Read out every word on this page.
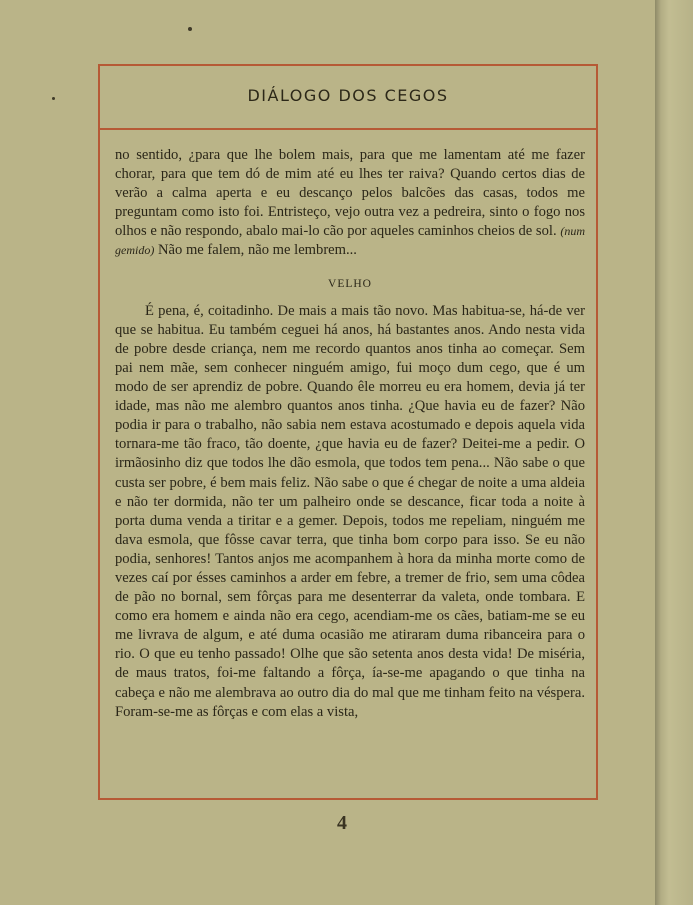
DIÁLOGO DOS CEGOS

no sentido, ¿para que lhe bolem mais, para que me lamentam até me fazer chorar, para que tem dó de mim até eu lhes ter raiva? Quando certos dias de verão a calma aperta e eu descanço pelos balcões das casas, todos me preguntam como isto foi. Entristeço, vejo outra vez a pedreira, sinto o fogo nos olhos e não respondo, abalo mai-lo cão por aqueles caminhos cheios de sol. (num gemido) Não me falem, não me lembrem...

VELHO

É pena, é, coitadinho. De mais a mais tão novo. Mas habitua-se, há-de ver que se habitua. Eu também ceguei há anos, há bastantes anos. Ando nesta vida de pobre desde criança, nem me recordo quantos anos tinha ao começar. Sem pai nem mãe, sem conhecer ninguém amigo, fui moço dum cego, que é um modo de ser aprendiz de pobre. Quando êle morreu eu era homem, devia já ter idade, mas não me alembro quantos anos tinha. ¿Que havia eu de fazer? Não podia ir para o trabalho, não sabia nem estava acostumado e depois aquela vida tornara-me tão fraco, tão doente, ¿que havia eu de fazer? Deitei-me a pedir. O irmãosinho diz que todos lhe dão esmola, que todos tem pena... Não sabe o que custa ser pobre, é bem mais feliz. Não sabe o que é chegar de noite a uma aldeia e não ter dormida, não ter um palheiro onde se descance, ficar toda a noite à porta duma venda a tiritar e a gemer. Depois, todos me repeliam, ninguém me dava esmola, que fôsse cavar terra, que tinha bom corpo para isso. Se eu não podia, senhores! Tantos anjos me acompanhem à hora da minha morte como de vezes caí por ésses caminhos a arder em febre, a tremer de frio, sem uma côdea de pão no bornal, sem fôrças para me desenterrar da valeta, onde tombara. E como era homem e ainda não era cego, acendiam-me os cães, batiam-me se eu me livrava de algum, e até duma ocasião me atiraram duma ribanceira para o rio. O que eu tenho passado! Olhe que são setenta anos desta vida! De miséria, de maus tratos, foi-me faltando a fôrça, ía-se-me apagando o que tinha na cabeça e não me alembrava ao outro dia do mal que me tinham feito na véspera. Foram-se-me as fôrças e com elas a vista,

4
